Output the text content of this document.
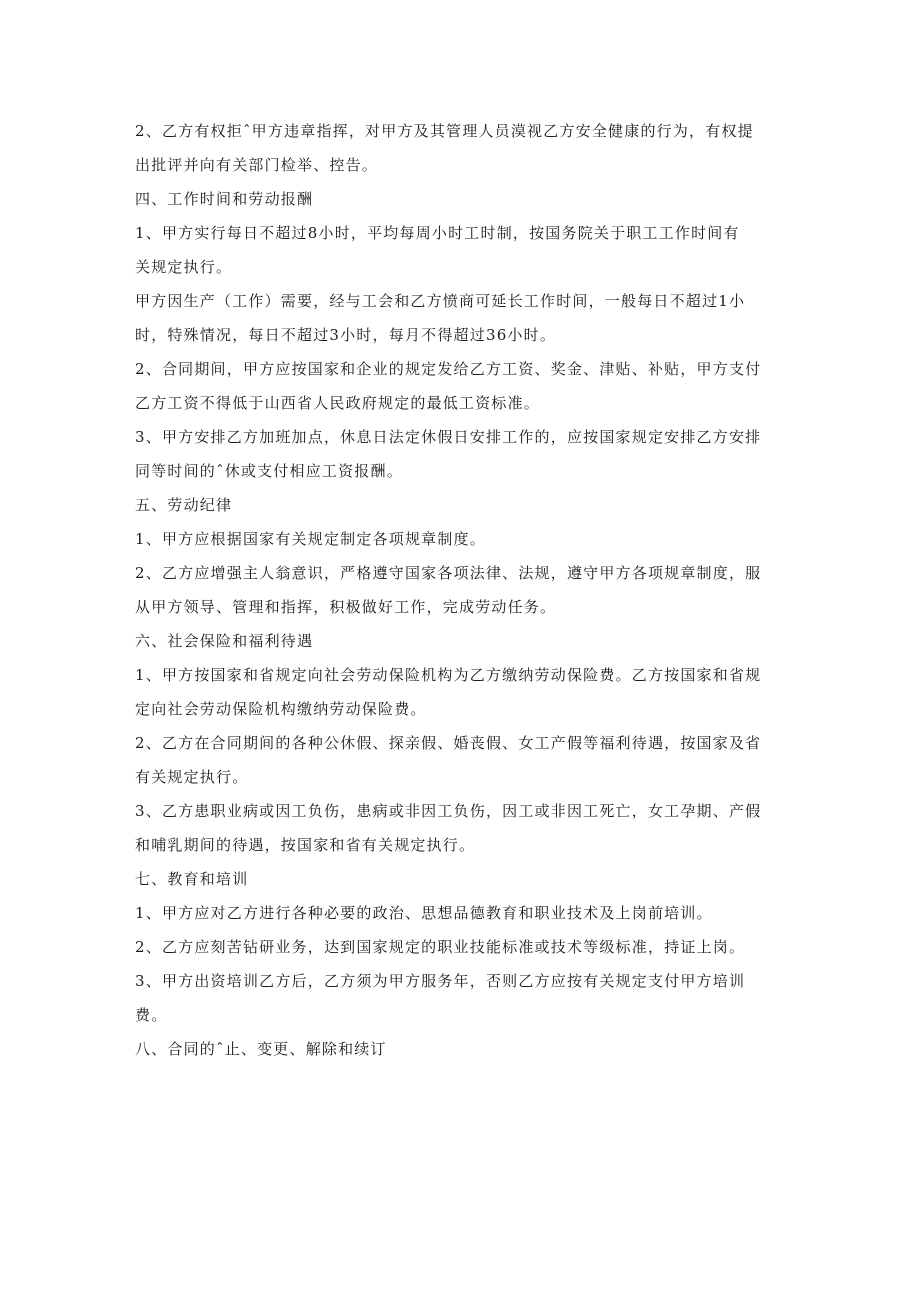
2、乙方有权拒ˆ甲方违章指挥，对甲方及其管理人员漠视乙方安全健康的行为，有权提
出批评并向有关部门检举、控告。
四、工作时间和劳动报酬
1、甲方实行每日不超过8小时，平均每周小时工时制，按国务院关于职工工作时间有
关规定执行。
甲方因生产（工作）需要，经与工会和乙方愤商可延长工作时间，一般每日不超过1小
时，特殊情况，每日不超过3小时，每月不得超过36小时。
2、合同期间，甲方应按国家和企业的规定发给乙方工资、奖金、津贴、补贴，甲方支付
乙方工资不得低于山西省人民政府规定的最低工资标准。
3、甲方安排乙方加班加点，休息日法定休假日安排工作的，应按国家规定安排乙方安排
同等时间的ˆ休或支付相应工资报酬。
五、劳动纪律
1、甲方应根据国家有关规定制定各项规章制度。
2、乙方应增强主人翁意识，严格遵守国家各项法律、法规，遵守甲方各项规章制度，服
从甲方领导、管理和指挥，积极做好工作，完成劳动任务。
六、社会保险和福利待遇
1、甲方按国家和省规定向社会劳动保险机构为乙方缴纳劳动保险费。乙方按国家和省规
定向社会劳动保险机构缴纳劳动保险费。
2、乙方在合同期间的各种公休假、探亲假、婚丧假、女工产假等福利待遇，按国家及省
有关规定执行。
3、乙方患职业病或因工负伤，患病或非因工负伤，因工或非因工死亡，女工孕期、产假
和哺乳期间的待遇，按国家和省有关规定执行。
七、教育和培训
1、甲方应对乙方进行各种必要的政治、思想品德教育和职业技术及上岗前培训。
2、乙方应刻苦钻研业务，达到国家规定的职业技能标准或技术等级标准，持证上岗。
3、甲方出资培训乙方后，乙方须为甲方服务年，否则乙方应按有关规定支付甲方培训
费。
八、合同的ˆ止、变更、解除和续订
